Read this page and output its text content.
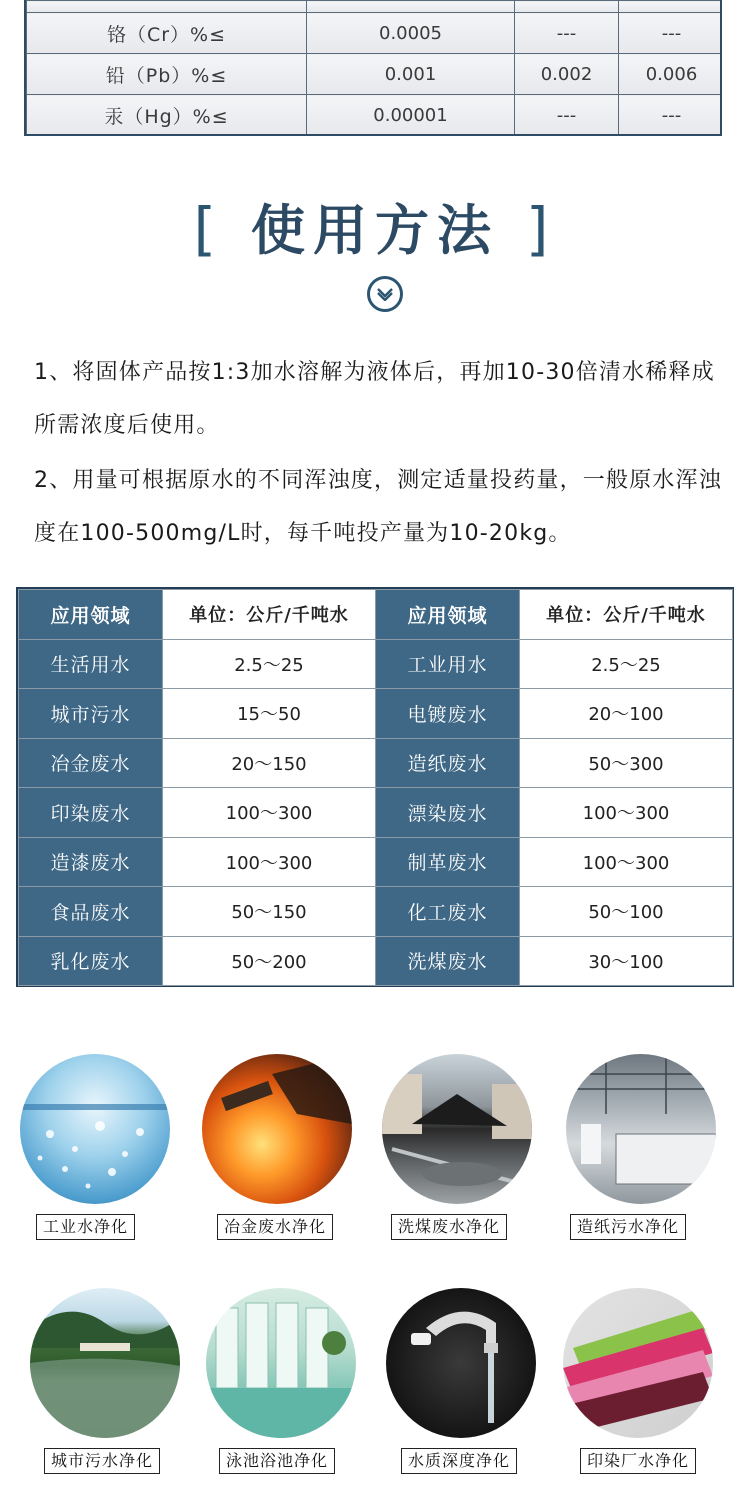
铬（Cr）%≤	0.0005	---	---
铅（Pb）%≤	0.001	0.002	0.006
汞（Hg）%≤	0.00001	---	---
[ 使用方法 ]

1、将固体产品按1:3加水溶解为液体后，再加10-30倍清水稀释成所需浓度后使用。

2、用量可根据原水的不同浑浊度，测定适量投药量，一般原水浑浊度在100-500mg/L时，每千吨投产量为10-20kg。

应用领域	单位：公斤/千吨水	应用领域	单位：公斤/千吨水
生活用水	2.5～25	工业用水	2.5～25
城市污水	15～50	电镀废水	20～100
冶金废水	20～150	造纸废水	50～300
印染废水	100～300	漂染废水	100～300
造漆废水	100～300	制革废水	100～300
食品废水	50～150	化工废水	50～100
乳化废水	50～200	洗煤废水	30～100
工业水净化	冶金废水净化	洗煤废水净化	造纸污水净化
城市污水净化	泳池浴池净化	水质深度净化	印染厂水净化
